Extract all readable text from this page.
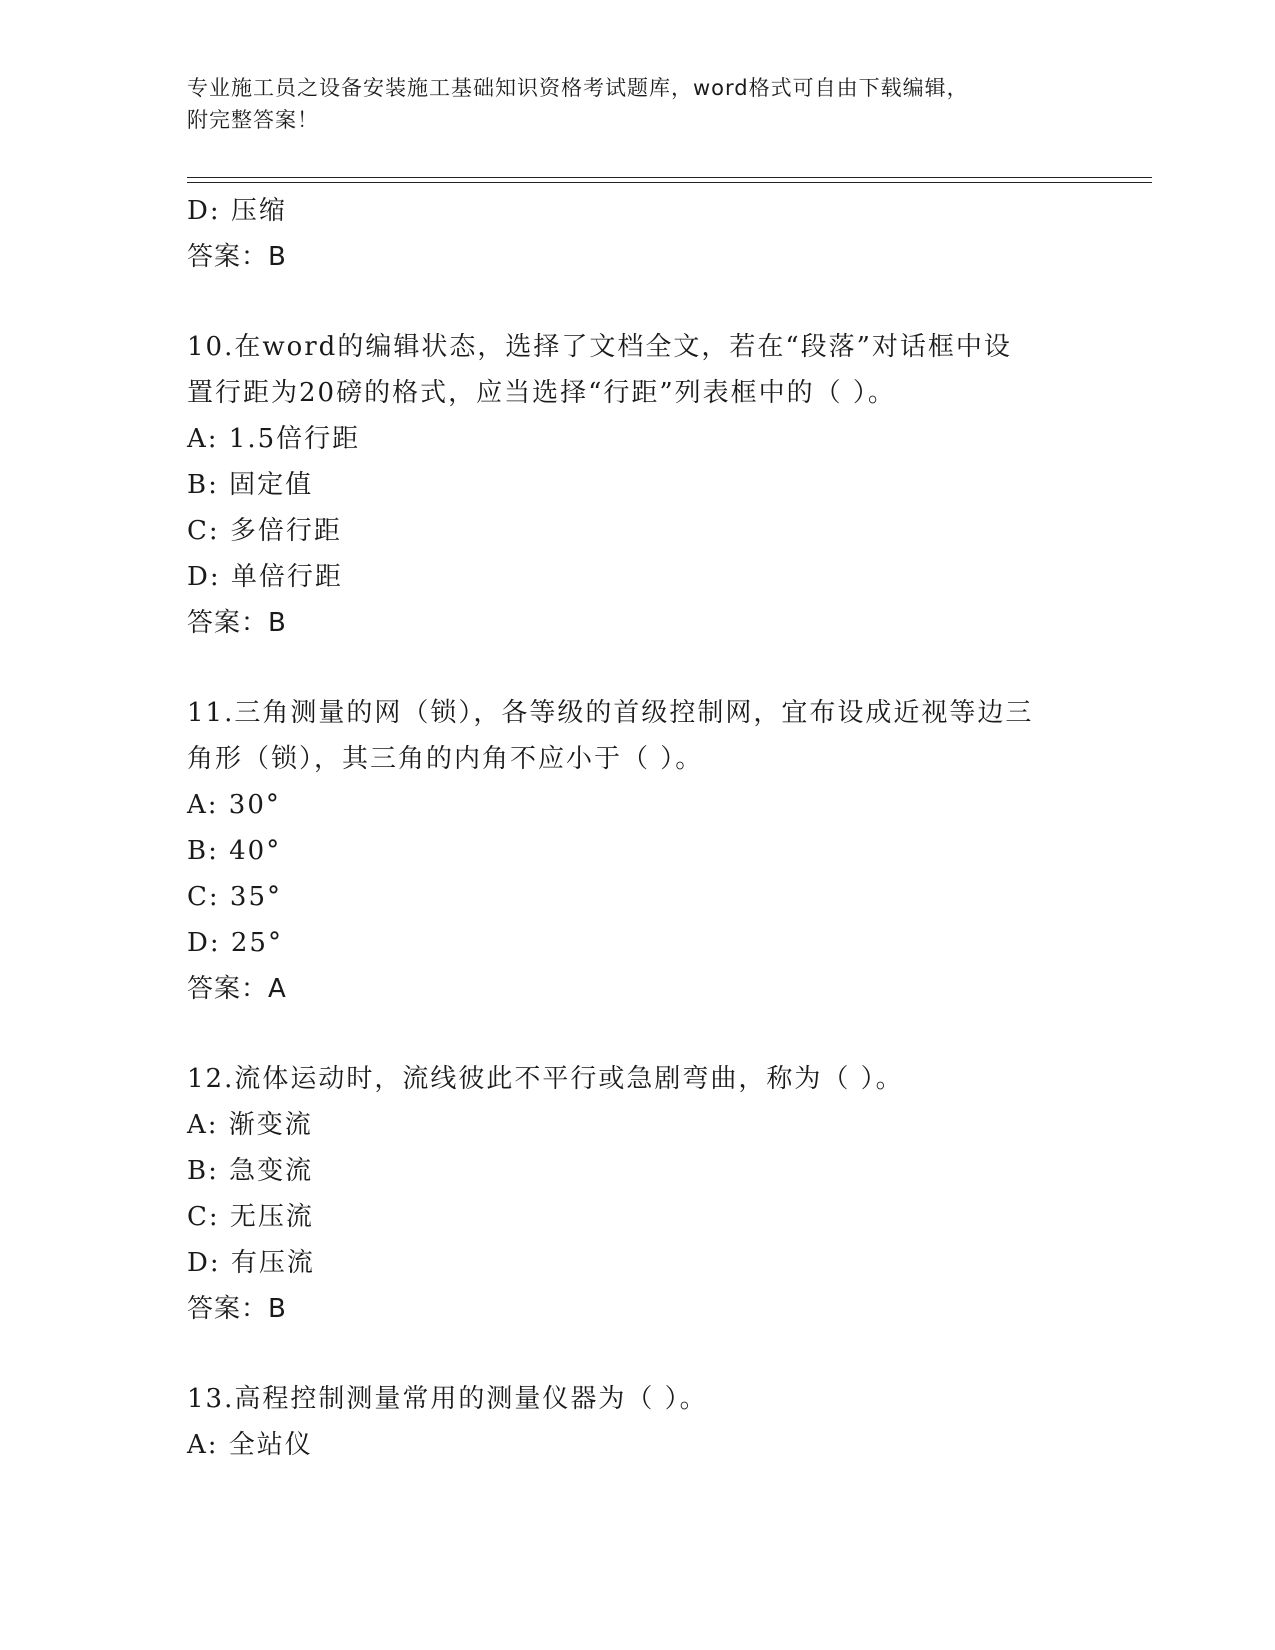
专业施工员之设备安装施工基础知识资格考试题库，word格式可自由下载编辑，
附完整答案！
D: 压缩
答案：B
10.在word的编辑状态，选择了文档全文，若在“段落”对话框中设
置行距为20磅的格式，应当选择“行距”列表框中的（ ）。
A: 1.5倍行距
B: 固定值
C: 多倍行距
D: 单倍行距
答案：B
11.三角测量的网（锁），各等级的首级控制网，宜布设成近视等边三
角形（锁），其三角的内角不应小于（ ）。
A: 30°
B: 40°
C: 35°
D: 25°
答案：A
12.流体运动时，流线彼此不平行或急剧弯曲，称为（ ）。
A: 渐变流
B: 急变流
C: 无压流
D: 有压流
答案：B
13.高程控制测量常用的测量仪器为（ ）。
A: 全站仪
